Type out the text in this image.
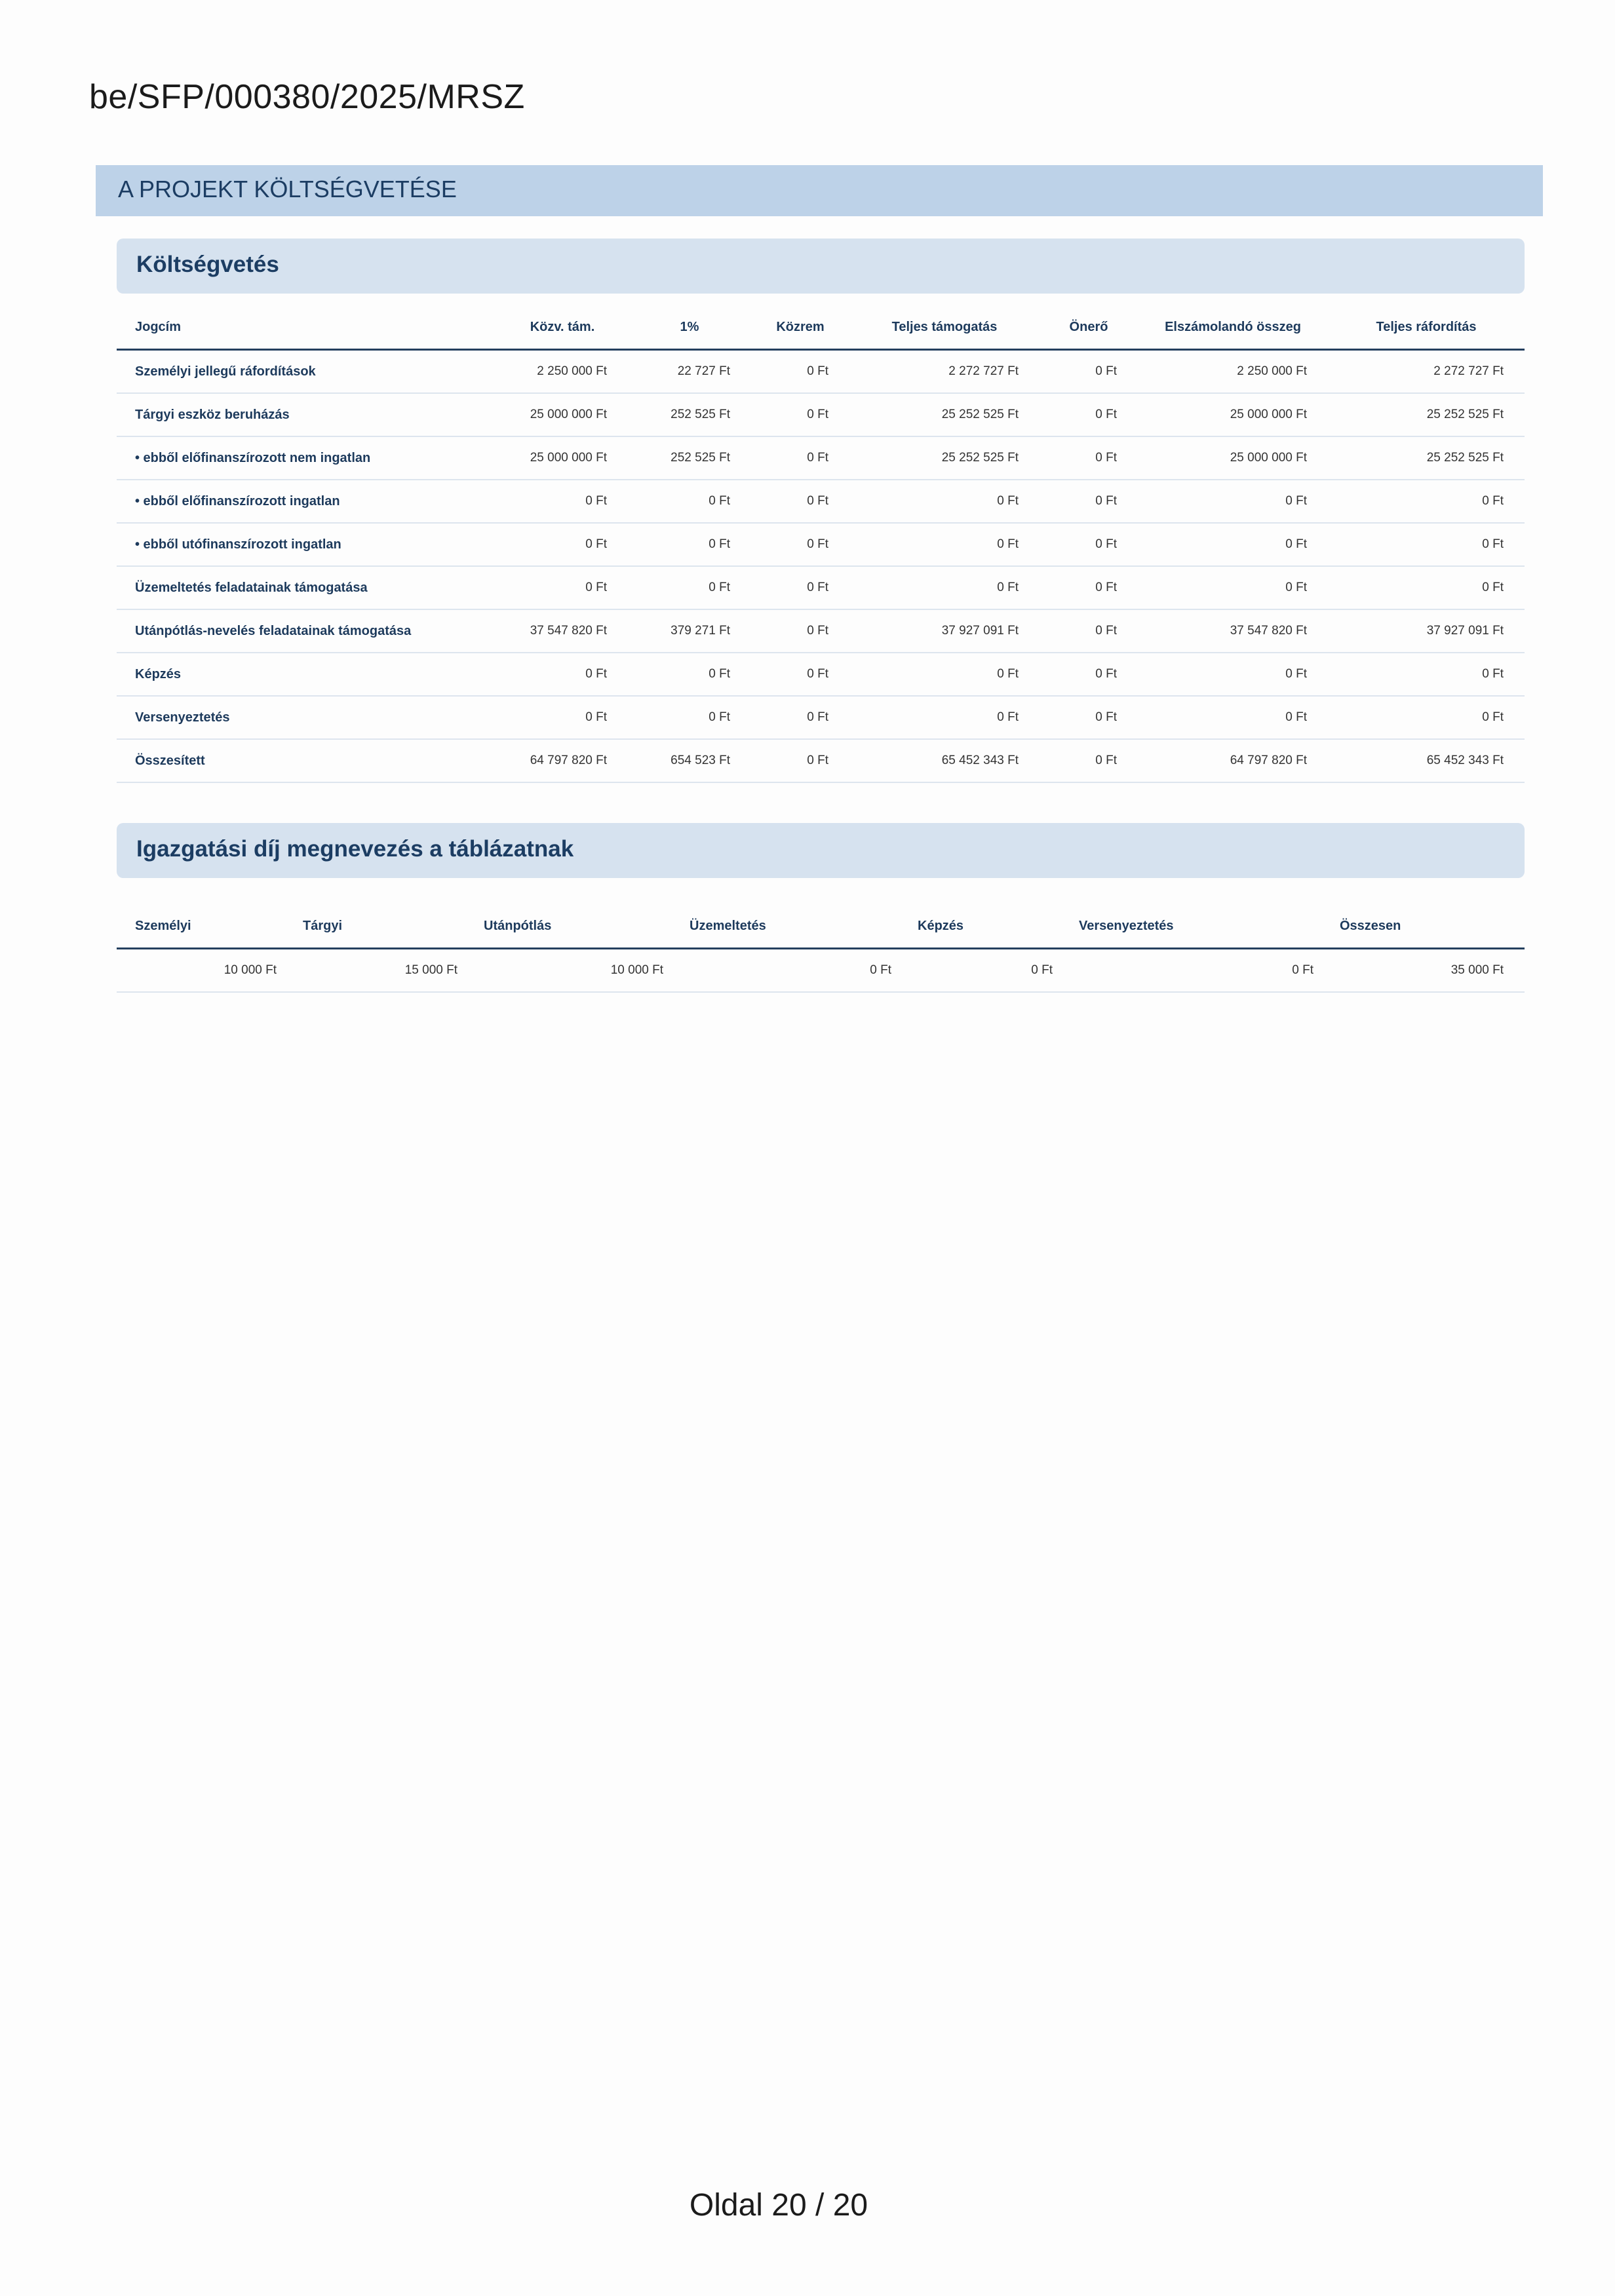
be/SFP/000380/2025/MRSZ
A PROJEKT KÖLTSÉGVETÉSE
Költségvetés
Jogcím	Közv. tám.	1%	Közrem	Teljes támogatás	Önerő	Elszámolandó összeg	Teljes ráfordítás
Személyi jellegű ráfordítások	2 250 000 Ft	22 727 Ft	0 Ft	2 272 727 Ft	0 Ft	2 250 000 Ft	2 272 727 Ft
Tárgyi eszköz beruházás	25 000 000 Ft	252 525 Ft	0 Ft	25 252 525 Ft	0 Ft	25 000 000 Ft	25 252 525 Ft
• ebből előfinanszírozott nem ingatlan	25 000 000 Ft	252 525 Ft	0 Ft	25 252 525 Ft	0 Ft	25 000 000 Ft	25 252 525 Ft
• ebből előfinanszírozott ingatlan	0 Ft	0 Ft	0 Ft	0 Ft	0 Ft	0 Ft	0 Ft
• ebből utófinanszírozott ingatlan	0 Ft	0 Ft	0 Ft	0 Ft	0 Ft	0 Ft	0 Ft
Üzemeltetés feladatainak támogatása	0 Ft	0 Ft	0 Ft	0 Ft	0 Ft	0 Ft	0 Ft
Utánpótlás-nevelés feladatainak támogatása	37 547 820 Ft	379 271 Ft	0 Ft	37 927 091 Ft	0 Ft	37 547 820 Ft	37 927 091 Ft
Képzés	0 Ft	0 Ft	0 Ft	0 Ft	0 Ft	0 Ft	0 Ft
Versenyeztetés	0 Ft	0 Ft	0 Ft	0 Ft	0 Ft	0 Ft	0 Ft
Összesített	64 797 820 Ft	654 523 Ft	0 Ft	65 452 343 Ft	0 Ft	64 797 820 Ft	65 452 343 Ft
Igazgatási díj megnevezés a táblázatnak
Személyi	Tárgyi	Utánpótlás	Üzemeltetés	Képzés	Versenyeztetés	Összesen
10 000 Ft	15 000 Ft	10 000 Ft	0 Ft	0 Ft	0 Ft	35 000 Ft
Oldal 20 / 20
